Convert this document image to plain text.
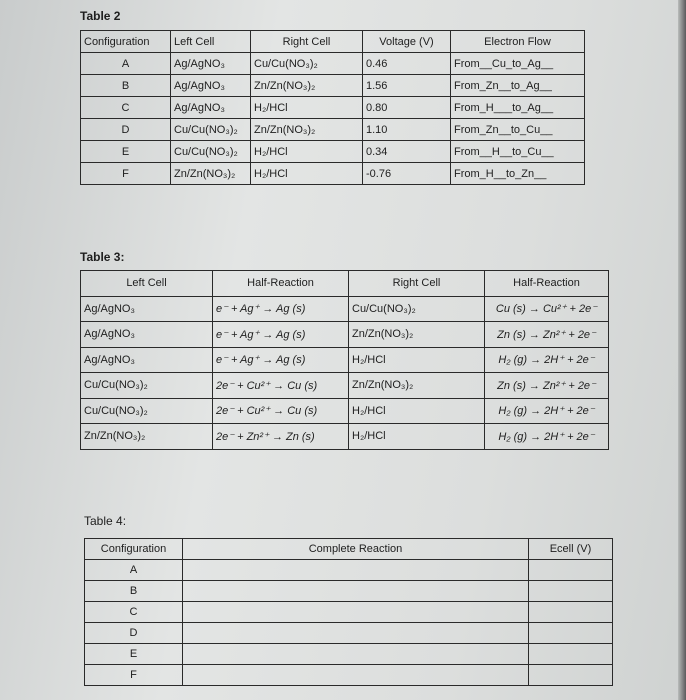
Table 2
Configuration	Left Cell	Right Cell	Voltage (V)	Electron Flow
A	Ag/AgNO₃	Cu/Cu(NO₃)₂	0.46	From__Cu_to_Ag__
B	Ag/AgNO₃	Zn/Zn(NO₃)₂	1.56	From_Zn__to_Ag__
C	Ag/AgNO₃	H₂/HCl	0.80	From_H___to_Ag__
D	Cu/Cu(NO₃)₂	Zn/Zn(NO₃)₂	1.10	From_Zn__to_Cu__
E	Cu/Cu(NO₃)₂	H₂/HCl	0.34	From__H__to_Cu__
F	Zn/Zn(NO₃)₂	H₂/HCl	-0.76	From_H__to_Zn__
Table 3:
Left Cell	Half-Reaction	Right Cell	Half-Reaction
Ag/AgNO₃	e⁻ + Ag⁺ → Ag (s)	Cu/Cu(NO₃)₂	Cu (s) → Cu²⁺ + 2e⁻
Ag/AgNO₃	e⁻ + Ag⁺ → Ag (s)	Zn/Zn(NO₃)₂	Zn (s) → Zn²⁺ + 2e⁻
Ag/AgNO₃	e⁻ + Ag⁺ → Ag (s)	H₂/HCl	H₂ (g) → 2H⁺ + 2e⁻
Cu/Cu(NO₃)₂	2e⁻ + Cu²⁺ → Cu (s)	Zn/Zn(NO₃)₂	Zn (s) → Zn²⁺ + 2e⁻
Cu/Cu(NO₃)₂	2e⁻ + Cu²⁺ → Cu (s)	H₂/HCl	H₂ (g) → 2H⁺ + 2e⁻
Zn/Zn(NO₃)₂	2e⁻ + Zn²⁺ → Zn (s)	H₂/HCl	H₂ (g) → 2H⁺ + 2e⁻
Table 4:
Configuration	Complete Reaction	Ecell (V)
A		
B		
C		
D		
E		
F		
